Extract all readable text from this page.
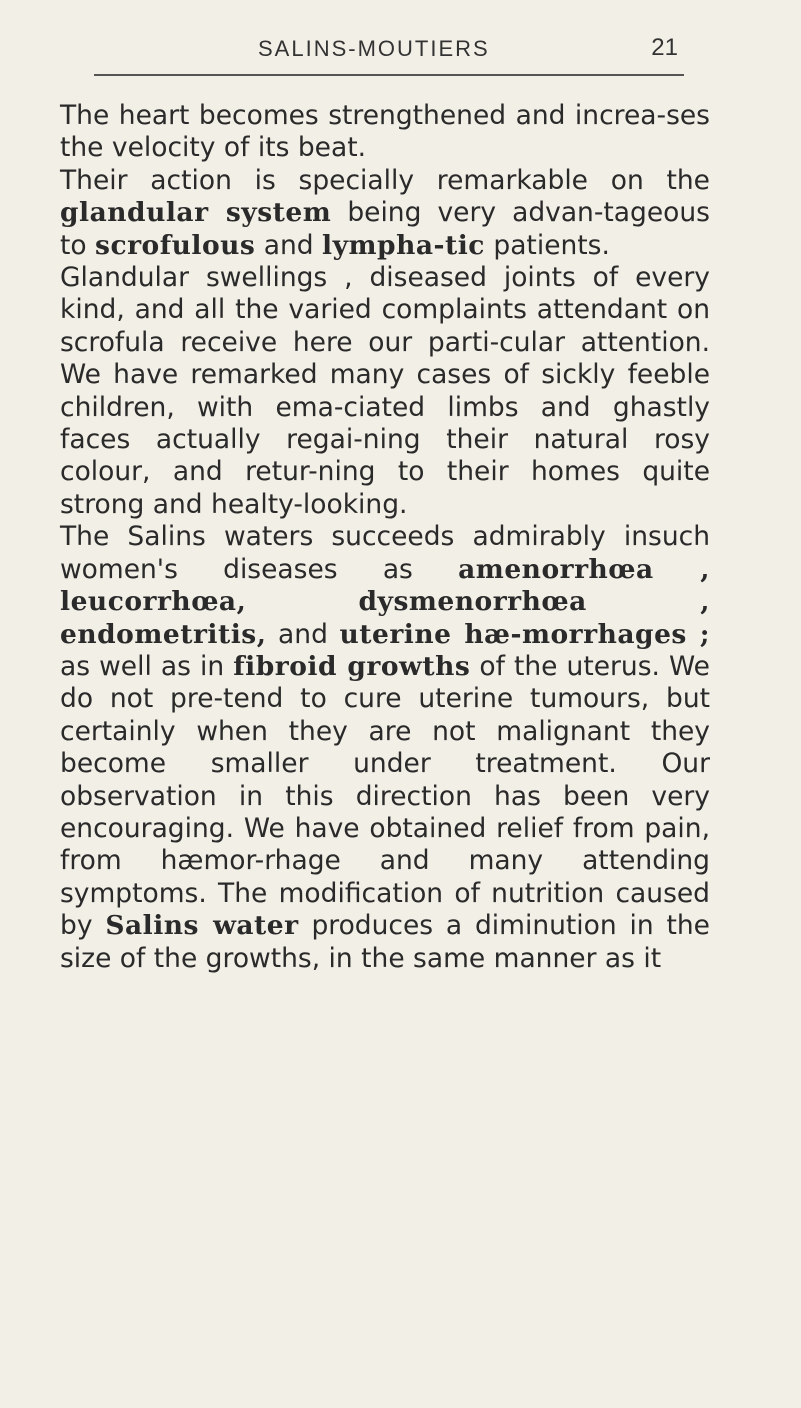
SALINS-MOUTIERS	21

The heart becomes strengthened and increa-ses the velocity of its beat.

Their action is specially remarkable on the glandular system being very advan-tageous to scrofulous and lympha-tic patients.

Glandular swellings , diseased joints of every kind, and all the varied complaints attendant on scrofula receive here our parti-cular attention. We have remarked many cases of sickly feeble children, with ema-ciated limbs and ghastly faces actually regai-ning their natural rosy colour, and retur-ning to their homes quite strong and healty-looking.

The Salins waters succeeds admirably insuch women's diseases as amenorrhœa , leucorrhœa,	dysmenorrhœa , endometritis, and uterine hæ-morrhages ; as well as in fibroid growths of the uterus. We do not pre-tend to cure uterine tumours, but certainly when they are not malignant they become smaller under treatment. Our observation in this direction has been very encouraging. We have obtained relief from pain, from hæmor-rhage and many attending symptoms. The modification of nutrition caused by Salins water produces a diminution in the size of the growths, in the same manner as it
